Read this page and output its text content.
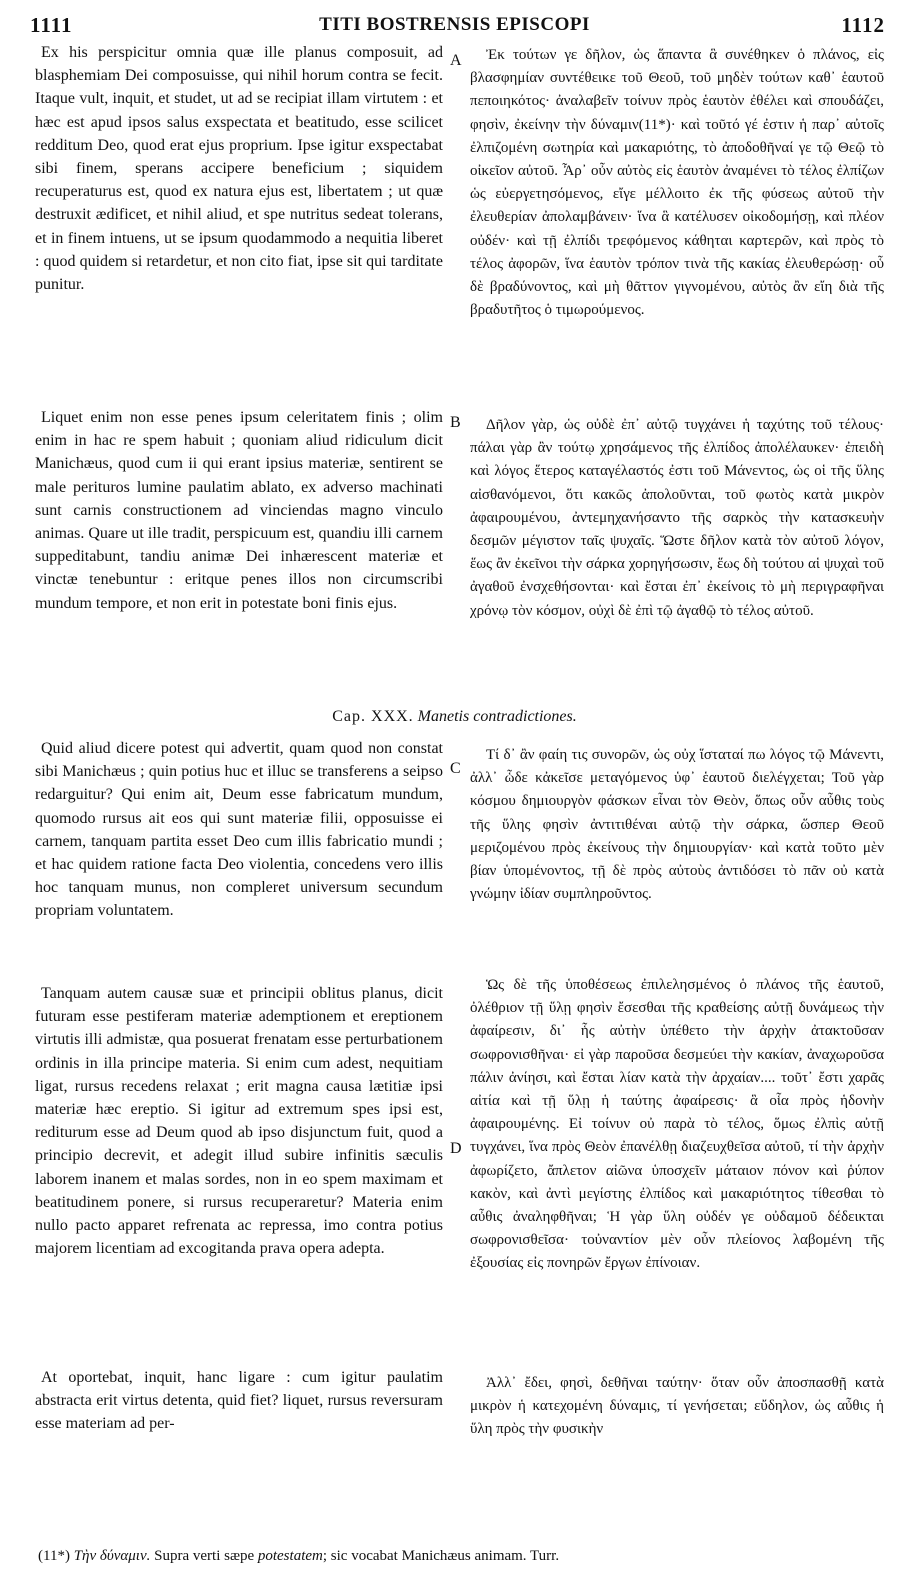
1111	TITI BOSTRENSIS EPISCOPI	1112
A
B
C
D

Ex his perspicitur omnia quæ ille planus composuit, ad blasphemiam Dei composuisse, qui nihil horum contra se fecit. Itaque vult, inquit, et studet, ut ad se recipiat illam virtutem : et hæc est apud ipsos salus exspectata et beatitudo, esse scilicet redditum Deo, quod erat ejus proprium. Ipse igitur exspectabat sibi finem, sperans accipere beneficium ; siquidem recuperaturus est, quod ex natura ejus est, libertatem ; ut quæ destruxit ædificet, et nihil aliud, et spe nutritus sedeat tolerans, et in finem intuens, ut se ipsum quodammodo a nequitia liberet : quod quidem si retardetur, et non cito fiat, ipse sit qui tarditate punitur.

Liquet enim non esse penes ipsum celeritatem finis ; olim enim in hac re spem habuit ; quoniam aliud ridiculum dicit Manichæus, quod cum ii qui erant ipsius materiæ, sentirent se male perituros lumine paulatim ablato, ex adverso machinati sunt carnis constructionem ad vinciendas magno vinculo animas. Quare ut ille tradit, perspicuum est, quandiu illi carnem suppeditabunt, tandiu animæ Dei inhærescent materiæ et vinctæ tenebuntur : eritque penes illos non circumscribi mundum tempore, et non erit in potestate boni finis ejus.

Ἐκ τούτων γε δῆλον, ὡς ἅπαντα ἃ συνέθηκεν ὁ πλάνος, εἰς βλασφημίαν συντέθεικε τοῦ Θεοῦ, τοῦ μηδὲν τούτων καθ᾽ ἑαυτοῦ πεποιηκότος· ἀναλαβεῖν τοίνυν πρὸς ἑαυτὸν ἐθέλει καὶ σπουδάζει, φησὶν, ἐκείνην τὴν δύναμιν(11*)· καὶ τοῦτό γέ ἐστιν ἡ παρ᾽ αὐτοῖς ἐλπιζομένη σωτηρία καὶ μακαριότης, τὸ ἀποδοθῆναί γε τῷ Θεῷ τὸ οἰκεῖον αὐτοῦ. Ἆρ᾽ οὖν αὐτὸς εἰς ἑαυτὸν ἀναμένει τὸ τέλος ἐλπίζων ὡς εὐεργετησόμενος, εἴγε μέλλοιτο ἐκ τῆς φύσεως αὐτοῦ τὴν ἐλευθερίαν ἀπολαμβάνειν· ἵνα ἃ κατέλυσεν οἰκοδομήσῃ, καὶ πλέον οὐδέν· καὶ τῇ ἐλπίδι τρεφόμενος κάθηται καρτερῶν, καὶ πρὸς τὸ τέλος ἀφορῶν, ἵνα ἑαυτὸν τρόπον τινὰ τῆς κακίας ἐλευθερώσῃ· οὗ δὲ βραδύνοντος, καὶ μὴ θᾶττον γιγνομένου, αὐτὸς ἂν εἴη διὰ τῆς βραδυτῆτος ὁ τιμωρούμενος.

Δῆλον γὰρ, ὡς οὐδὲ ἐπ᾽ αὐτῷ τυγχάνει ἡ ταχύτης τοῦ τέλους· πάλαι γὰρ ἂν τούτῳ χρησάμενος τῆς ἐλπίδος ἀπολέλαυκεν· ἐπειδὴ καὶ λόγος ἕτερος καταγέλαστός ἐστι τοῦ Μάνεντος, ὡς οἱ τῆς ὕλης αἰσθανόμενοι, ὅτι κακῶς ἀπολοῦνται, τοῦ φωτὸς κατὰ μικρὸν ἀφαιρουμένου, ἀντεμηχανήσαντο τῆς σαρκὸς τὴν κατασκευὴν δεσμῶν μέγιστον ταῖς ψυχαῖς. Ὥστε δῆλον κατὰ τὸν αὐτοῦ λόγον, ἕως ἂν ἐκεῖνοι τὴν σάρκα χορηγήσωσιν, ἕως δὴ τούτου αἱ ψυχαὶ τοῦ ἀγαθοῦ ἐνσχεθήσονται· καὶ ἔσται ἐπ᾽ ἐκείνοις τὸ μὴ περιγραφῆναι χρόνῳ τὸν κόσμον, οὐχὶ δὲ ἐπὶ τῷ ἀγαθῷ τὸ τέλος αὐτοῦ.

Cap. XXX. Manetis contradictiones.

Quid aliud dicere potest qui advertit, quam quod non constat sibi Manichæus ; quin potius huc et illuc se transferens a seipso redarguitur? Qui enim ait, Deum esse fabricatum mundum, quomodo rursus ait eos qui sunt materiæ filii, opposuisse ei carnem, tanquam partita esset Deo cum illis fabricatio mundi ; et hac quidem ratione facta Deo violentia, concedens vero illis hoc tanquam munus, non compleret universum secundum propriam voluntatem.

Tanquam autem causæ suæ et principii oblitus planus, dicit futuram esse pestiferam materiæ ademptionem et ereptionem virtutis illi admistæ, qua posuerat frenatam esse perturbationem ordinis in illa principe materia. Si enim cum adest, nequitiam ligat, rursus recedens relaxat ; erit magna causa lætitiæ ipsi materiæ hæc ereptio. Si igitur ad extremum spes ipsi est, rediturum esse ad Deum quod ab ipso disjunctum fuit, quod a principio decrevit, et adegit illud subire infinitis sæculis laborem inanem et malas sordes, non in eo spem maximam et beatitudinem ponere, si rursus recuperaretur? Materia enim nullo pacto apparet refrenata ac repressa, imo contra potius majorem licentiam ad excogitanda prava opera adepta.

At oportebat, inquit, hanc ligare : cum igitur paulatim abstracta erit virtus detenta, quid fiet? liquet, rursus reversuram esse materiam ad per-

Τί δ᾽ ἂν φαίη τις συνορῶν, ὡς οὐχ ἵσταταί πω λόγος τῷ Μάνεντι, ἀλλ᾽ ὧδε κἀκεῖσε μεταγόμενος ὑφ᾽ ἑαυτοῦ διελέγχεται; Τοῦ γὰρ κόσμου δημιουργὸν φάσκων εἶναι τὸν Θεὸν, ὅπως οὖν αὖθις τοὺς τῆς ὕλης φησὶν ἀντιτιθέναι αὐτῷ τὴν σάρκα, ὥσπερ Θεοῦ μεριζομένου πρὸς ἐκείνους τὴν δημιουργίαν· καὶ κατὰ τοῦτο μὲν βίαν ὑπομένοντος, τῇ δὲ πρὸς αὐτοὺς ἀντιδόσει τὸ πᾶν οὐ κατὰ γνώμην ἰδίαν συμπληροῦντος.

Ὡς δὲ τῆς ὑποθέσεως ἐπιλελησμένος ὁ πλάνος τῆς ἑαυτοῦ, ὀλέθριον τῇ ὕλῃ φησὶν ἔσεσθαι τῆς κραθείσης αὐτῇ δυνάμεως τὴν ἀφαίρεσιν, δι᾽ ἧς αὐτὴν ὑπέθετο τὴν ἀρχὴν ἀτακτοῦσαν σωφρονισθῆναι· εἰ γὰρ παροῦσα δεσμεύει τὴν κακίαν, ἀναχωροῦσα πάλιν ἀνίησι, καὶ ἔσται λίαν κατὰ τὴν ἀρχαίαν.... τοῦτ᾽ ἔστι χαρᾶς αἰτία καὶ τῇ ὕλῃ ἡ ταύτης ἀφαίρεσις· ἃ οἷα πρὸς ἡδονὴν ἀφαιρουμένης. Εἰ τοίνυν οὐ παρὰ τὸ τέλος, ὅμως ἐλπὶς αὐτῇ τυγχάνει, ἵνα πρὸς Θεὸν ἐπανέλθῃ διαζευχθεῖσα αὐτοῦ, τί τὴν ἀρχὴν ἀφωρίζετο, ἄπλετον αἰῶνα ὑποσχεῖν μάταιον πόνον καὶ ῥύπον κακὸν, καὶ ἀντὶ μεγίστης ἐλπίδος καὶ μακαριότητος τίθεσθαι τὸ αὖθις ἀναληφθῆναι; Ἡ γὰρ ὕλη οὐδέν γε οὐδαμοῦ δέδεικται σωφρονισθεῖσα· τοὐναντίον μὲν οὖν πλείονος λαβομένη τῆς ἐξουσίας εἰς πονηρῶν ἔργων ἐπίνοιαν.

Ἀλλ᾽ ἔδει, φησὶ, δεθῆναι ταύτην· ὅταν οὖν ἀποσπασθῇ κατὰ μικρὸν ἡ κατεχομένη δύναμις, τί γενήσεται; εὔδηλον, ὡς αὖθις ἡ ὕλη πρὸς τὴν φυσικὴν

(11*) Τὴν δύναμιν. Supra verti sæpe potestatem; sic vocabat Manichæus animam. Turr.
